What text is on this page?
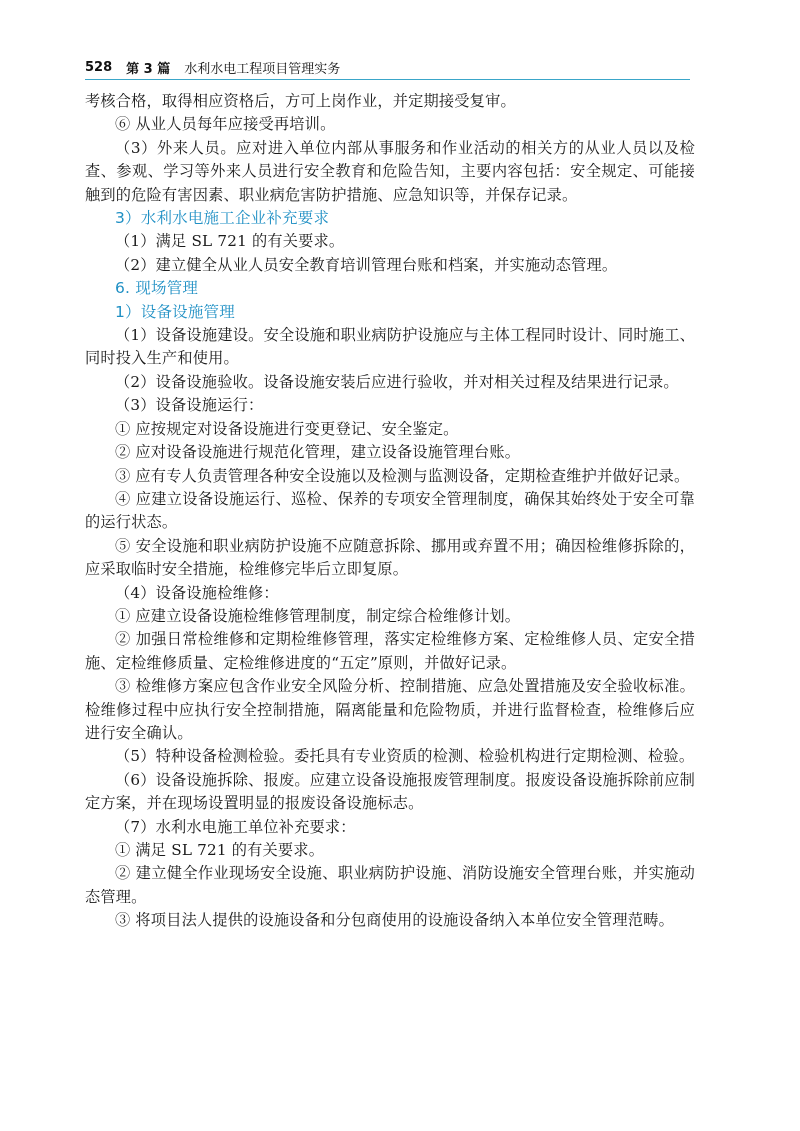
528 第 3 篇 水利水电工程项目管理实务

考核合格，取得相应资格后，方可上岗作业，并定期接受复审。

⑥ 从业人员每年应接受再培训。

（3）外来人员。应对进入单位内部从事服务和作业活动的相关方的从业人员以及检查、参观、学习等外来人员进行安全教育和危险告知，主要内容包括：安全规定、可能接触到的危险有害因素、职业病危害防护措施、应急知识等，并保存记录。

3）水利水电施工企业补充要求

（1）满足 SL 721 的有关要求。

（2）建立健全从业人员安全教育培训管理台账和档案，并实施动态管理。

6. 现场管理

1）设备设施管理

（1）设备设施建设。安全设施和职业病防护设施应与主体工程同时设计、同时施工、同时投入生产和使用。

（2）设备设施验收。设备设施安装后应进行验收，并对相关过程及结果进行记录。

（3）设备设施运行：

① 应按规定对设备设施进行变更登记、安全鉴定。

② 应对设备设施进行规范化管理，建立设备设施管理台账。

③ 应有专人负责管理各种安全设施以及检测与监测设备，定期检查维护并做好记录。

④ 应建立设备设施运行、巡检、保养的专项安全管理制度，确保其始终处于安全可靠的运行状态。

⑤ 安全设施和职业病防护设施不应随意拆除、挪用或弃置不用；确因检维修拆除的，应采取临时安全措施，检维修完毕后立即复原。

（4）设备设施检维修：

① 应建立设备设施检维修管理制度，制定综合检维修计划。

② 加强日常检维修和定期检维修管理，落实定检维修方案、定检维修人员、定安全措施、定检维修质量、定检维修进度的“五定”原则，并做好记录。

③ 检维修方案应包含作业安全风险分析、控制措施、应急处置措施及安全验收标准。检维修过程中应执行安全控制措施，隔离能量和危险物质，并进行监督检查，检维修后应进行安全确认。

（5）特种设备检测检验。委托具有专业资质的检测、检验机构进行定期检测、检验。

（6）设备设施拆除、报废。应建立设备设施报废管理制度。报废设备设施拆除前应制定方案，并在现场设置明显的报废设备设施标志。

（7）水利水电施工单位补充要求：

① 满足 SL 721 的有关要求。

② 建立健全作业现场安全设施、职业病防护设施、消防设施安全管理台账，并实施动态管理。

③ 将项目法人提供的设施设备和分包商使用的设施设备纳入本单位安全管理范畴。
